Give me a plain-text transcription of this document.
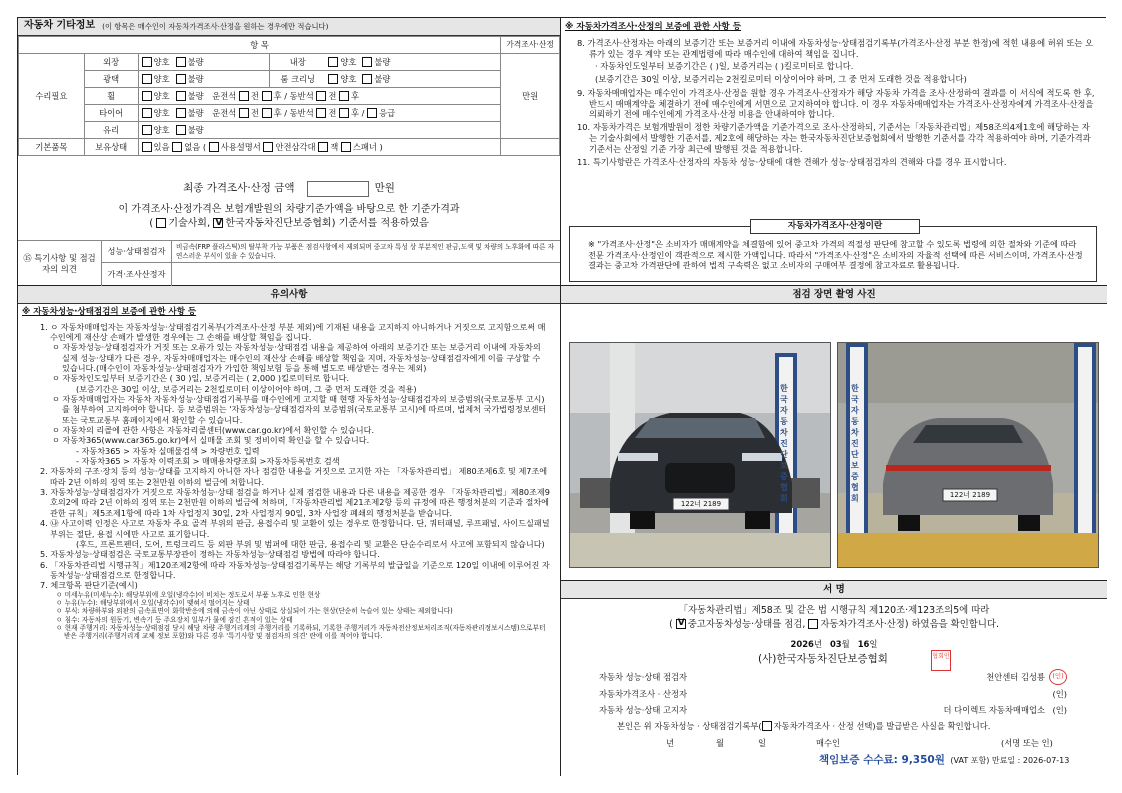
자동차 기타정보 (이 항목은 매수인이 자동차가격조사·산정을 원하는 경우에만 적습니다)
항 목					가격조사·산정
수리필요	외장	양호 불량	내장	양호 불량	만원
	광택	양호 불량	룸 크리닝	양호 불량	
	휠	양호 불량 운전석 전 후 / 동반석 전 후			
	타이어	양호 불량 운전석 전 후 / 동반석 전 후 / 응급			
	유리	양호 불량			
기본품목	보유상태	있음 없음 ( 사용설명서 안전삼각대 잭 스패너 )			
최종 가격조사·산정 금액	만원
이 가격조사·산정가격은 보험개발원의 차량기준가액을 바탕으로 한 기준가격과
( 기술사회, V한국자동차진단보증협회) 기준서를 적용하였음
⑮ 특기사항 및 점검자의 의견
성능·상태점검자	비금속(FRP 플라스틱)의 탈부착 가능 부품은 점검사항에서 제외되며 중고차 특성 상 부분적인 판금,도색 및 차량의 노후화에 따른 자연스러운 부식이 있을 수 있습니다.
가격·조사산정자
※ 자동차가격조사·산정의 보증에 관한 사항 등

8. 가격조사·산정자는 아래의 보증기간 또는 보증거리 이내에 자동차성능·상태점검기록부(가격조사·산정 부분 한정)에 적힌 내용에 허위 또는 오류가 있는 경우 계약 또는 관계법령에 따라 매수인에 대하여 책임을 집니다.

· 자동차인도일부터 보증기간은 ( )일, 보증거리는 ( )킬로미터로 합니다.

(보증기간은 30일 이상, 보증거리는 2천킬로미터 이상이어야 하며, 그 중 먼저 도래한 것을 적용합니다)

9. 자동차매매업자는 매수인이 가격조사·산정을 원할 경우 가격조사·산정자가 해당 자동차 가격을 조사·산정하여 결과를 이 서식에 적도록 한 후, 반드시 매매계약을 체결하기 전에 매수인에게 서면으로 고지하여야 합니다. 이 경우 자동차매매업자는 가격조사·산정자에게 가격조사·산정을 의뢰하기 전에 매수인에게 가격조사·산정 비용을 안내하여야 합니다.

10. 자동차가격은 보험개발원이 정한 차량기준가액을 기준가격으로 조사·산정하되, 기준서는「자동차관리법」제58조의4제1호에 해당하는 자는 기술사회에서 발행한 기준서를, 제2호에 해당하는 자는 한국자동차진단보증협회에서 발행한 기준서를 각각 적용하여야 하며, 기준가격과 기준서는 산정일 기준 가장 최근에 발행된 것을 적용합니다.

11. 특기사항란은 가격조사·산정자의 자동차 성능·상태에 대한 견해가 성능·상태점검자의 견해와 다를 경우 표시합니다.

자동차가격조사·산정이란
※ "가격조사·산정"은 소비자가 매매계약을 체결함에 있어 중고차 가격의 적절성 판단에 참고할 수 있도록 법령에 의한 절차와 기준에 따라 전문 가격조사·산정인이 객관적으로 제시한 가액입니다. 따라서 "가격조사·산정"은 소비자의 자율적 선택에 따른 서비스이며, 가격조사·산정 결과는 중고차 가격판단에 관하여 법적 구속력은 없고 소비자의 구매여부 결정에 참고자료로 활용됩니다.
유의사항
※ 자동차성능·상태점검의 보증에 관한 사항 등
1. ㅇ 자동차매매업자는 자동차성능·상태점검기록부(가격조사·산정 부분 제외)에 기재된 내용을 고지하지 아니하거나 거짓으로 고지함으로써 매수인에게 재산상 손해가 발생한 경우에는 그 손해를 배상할 책임을 집니다.
ㅇ 자동차성능·상태점검자가 거짓 또는 오류가 있는 자동차성능·상태점검 내용을 제공하여 아래의 보증기간 또는 보증거리 이내에 자동차의 실제 성능·상태가 다른 경우, 자동차매매업자는 매수인의 재산상 손해를 배상할 책임을 지며, 자동차성능·상태점검자에게 이를 구상할 수 있습니다.(매수인이 자동차성능·상태점검자가 가입한 책임보험 등을 통해 별도로 배상받는 경우는 제외)
ㅇ 자동차인도일부터 보증기간은 ( 30 )일, 보증거리는 ( 2,000 )킬로미터로 합니다.
(보증기간은 30일 이상, 보증거리는 2천킬로미터 이상이어야 하며, 그 중 먼저 도래한 것을 적용)
ㅇ 자동차매매업자는 자동차 자동차성능·상태점검기록부를 매수인에게 고지할 때 현행 자동차성능·상태점검자의 보증범위(국토교통부 고시)를 첨부하여 고지하여야 합니다. 등 보증범위는 '자동차성능·상태점검자의 보증범위(국토교통부 고시)에 따르며, 법제처 국가법령정보센터 또는 국토교통부 홈페이지에서 확인할 수 있습니다.
ㅇ 자동차의 리콜에 관한 사항은 자동차리콜센터(www.car.go.kr)에서 확인할 수 있습니다.
ㅇ 자동차365(www.car365.go.kr)에서 실매물 조회 및 정비이력 확인을 할 수 있습니다.
- 자동차365 > 자동차 실매물검색 > 차량번호 입력
- 자동차365 > 자동차 이력조회 > 매매용차량조회 >자동차등록번호 검색
2. 자동차의 구조·장치 등의 성능·상태를 고지하지 아니한 자나 점검한 내용을 거짓으로 고지한 자는 「자동차관리법」 제80조제6호 및 제7조에 따라 2년 이하의 징역 또는 2천만원 이하의 벌금에 처합니다.
3. 자동차성능·상태점검자가 거짓으로 자동차성능·상태 점검을 하거나 실제 점검한 내용과 다른 내용을 제공한 경우 「자동차관리법」제80조제9호의2에 따라 2년 이하의 징역 또는 2천만원 이하의 벌금에 처하며,「자동차관리법 제21조제2항 등의 규정에 따른 행정처분의 기준과 절차에 관한 규칙」제5조제1항에 따라 1차 사업정지 30일, 2차 사업정지 90일, 3차 사업장 폐쇄의 행정처분을 받습니다.
4. ㉯ 사고이력 인정은 사고로 자동차 주요 골격 부위의 판금, 용접수리 및 교환이 있는 경우로 한정합니다. 단, 쿼터패널, 루프패널, 사이드실패널 부위는 절단, 용접 시에만 사고로 표기합니다.
(후드, 프론트펜더, 도어, 트렁크리드 등 외판 부위 및 범퍼에 대한 판금, 용접수리 및 교환은 단순수리로서 사고에 포함되지 않습니다)
5. 자동차성능·상태점검은 국토교통부장관이 정하는 자동차성능·상태점검 방법에 따라야 합니다.
6. 「자동차관리법 시행규칙」제120조제2항에 따라 자동차성능·상태점검기록부는 해당 기록부의 발급일을 기준으로 120일 이내에 이루어진 자동차성능·상태점검으로 한정합니다.
7. 체크항목 판단기준(예시)
ㅇ 미세누유(미세누수): 해당부위에 오일(냉각수)이 비치는 정도로서 부품 노후로 인한 현상
ㅇ 누유(누수): 해당부위에서 오일(냉각수)이 맺혀서 떨어지는 상태
ㅇ 부식: 차량하부와 외판의 금속표면이 화학반응에 의해 금속이 아닌 상태로 상실되어 가는 현상(단순히 녹슬어 있는 상태는 제외합니다)
ㅇ 침수: 자동차의 원동기, 변속기 등 주요장치 일부가 물에 잠긴 흔적이 있는 상태
ㅇ 현재 주행거리: 자동차성능·상태점검 당시 해당 차량 주행거리계의 주행거리를 기록하되, 기록한 주행거리가 자동차전산정보처리조직(자동차관리정보시스템)으로부터 받은 주행거리(주행거리계 교체 정보 포함)와 다른 경우 '특기사항 및 점검자의 의견' 란에 이를 적어야 합니다.
점검 장면 촬영 사진
122너 2189
한국자동차진단보증협회	122너 2189
한국자동차진단보증협회
서 명
「자동차관리법」제58조 및 같은 법 시행규칙 제120조·제123조의5에 따라
( V중고자동차성능·상태를 점검, 자동차가격조사·산정) 하였음을 확인합니다.
2026년 03월 16일
(사)한국자동차진단보증협회	협회인
자동차 성능·상태 점검자	천안센터 김성룡	(인)
자동차가격조사 · 산정자	(인)
자동차 성능·상태 고지자	더 다이렉트 자동차매매업소 (인)
본인은 위 자동차성능 · 상태점검기록부( 자동차가격조사 · 산정 선택)를 발급받은 사실을 확인합니다.
년	월	일	매수인	(서명 또는 인)
책임보증 수수료: 9,350원 (VAT 포함) 만료일 : 2026-07-13
